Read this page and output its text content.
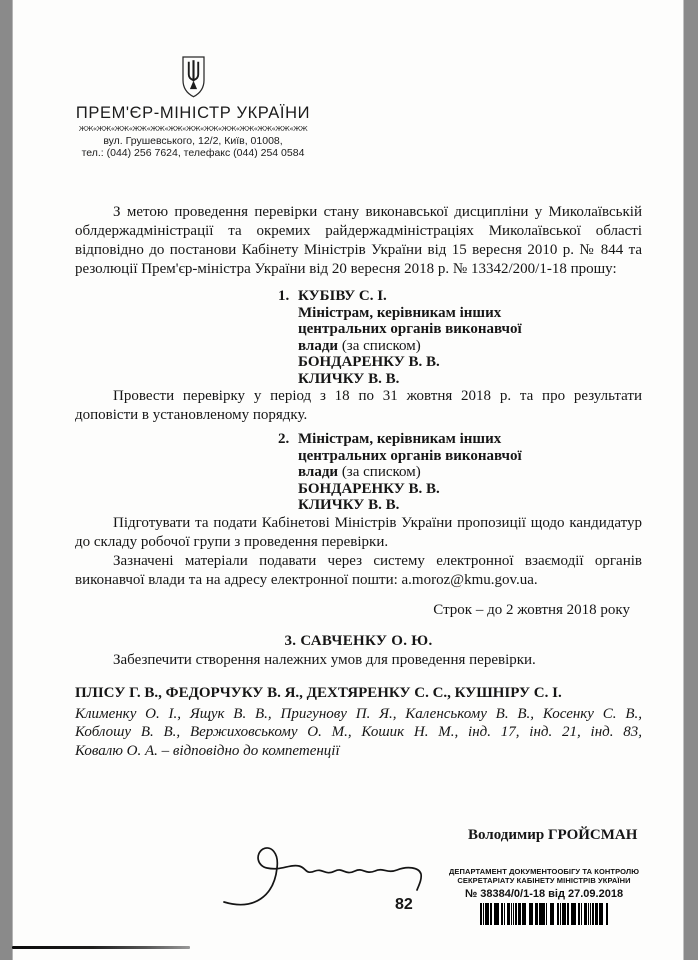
ПРЕМ'ЄР-МІНІСТР УКРАЇНИ
ЖЖ«ЖЖ«ЖЖ«ЖЖ«ЖЖ«ЖЖ«ЖЖ«ЖЖ«ЖЖ«ЖЖ«ЖЖ«ЖЖ«ЖЖ
вул. Грушевського, 12/2, Київ, 01008,
тел.: (044) 256 7624, телефакс (044) 254 0584

З метою проведення перевірки стану виконавської дисципліни у Миколаївській облдержадміністрації та окремих райдержадміністраціях Миколаївської області відповідно до постанови Кабінету Міністрів України від 15 вересня 2010 р. № 844 та резолюції Прем'єр-міністра України від 20 вересня 2018 р. № 13342/200/1-18 прошу:

1. КУБІВУ С. І.
Міністрам, керівникам інших
центральних органів виконавчої
влади (за списком)
БОНДАРЕНКУ В. В.
КЛИЧКУ В. В.

Провести перевірку у період з 18 по 31 жовтня 2018 р. та про результати доповісти в установленому порядку.

2. Міністрам, керівникам інших
центральних органів виконавчої
влади (за списком)
БОНДАРЕНКУ В. В.
КЛИЧКУ В. В.

Підготувати та подати Кабінетові Міністрів України пропозиції щодо кандидатур до складу робочої групи з проведення перевірки.

Зазначені матеріали подавати через систему електронної взаємодії органів виконавчої влади та на адресу електронної пошти: a.moroz@kmu.gov.ua.

Строк – до 2 жовтня 2018 року
3. САВЧЕНКУ О. Ю.

Забезпечити створення належних умов для проведення перевірки.

ПЛІСУ Г. В., ФЕДОРЧУКУ В. Я., ДЕХТЯРЕНКУ С. С., КУШНІРУ С. І.
Клименку О. І., Ящук В. В., Пригунову П. Я., Каленському В. В., Косенку С. В., Коблошу В. В., Вержиховському О. М., Кошик Н. М., інд. 17, інд. 21, інд. 83, Ковалю О. А. – відповідно до компетенції
Володимир ГРОЙСМАН
ДЕПАРТАМЕНТ ДОКУМЕНТООБІГУ ТА КОНТРОЛЮ
СЕКРЕТАРІАТУ КАБІНЕТУ МІНІСТРІВ УКРАЇНИ
№ 38384/0/1-18 від 27.09.2018
82
